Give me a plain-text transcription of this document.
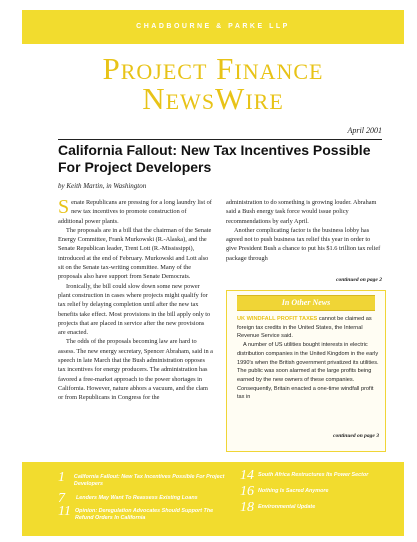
CHADBOURNE & PARKE LLP
Project Finance
NewsWire
April 2001
California Fallout: New Tax Incentives Possible For Project Developers
by Keith Martin, in Washington

Senate Republicans are pressing for a long laundry list of new tax incentives to promote construction of additional power plants.

The proposals are in a bill that the chairman of the Senate Energy Committee, Frank Murkowski (R.-Alaska), and the Senate Republican leader, Trent Lott (R.-Mississippi), introduced at the end of February. Murkowski and Lott also sit on the Senate tax-writing committee. Many of the proposals also have support from Senate Democrats.

Ironically, the bill could slow down some new power plant construction in cases where projects might qualify for tax relief by delaying completion until after the new tax benefits take effect. Most provisions in the bill apply only to projects that are placed in service after the new provisions are enacted.

The odds of the proposals becoming law are hard to assess. The new energy secretary, Spencer Abraham, said in a speech in late March that the Bush administration opposes tax incentives for energy producers. The administration has favored a free-market approach to the power shortages in California. However, nature abhors a vacuum, and the clam or from Republicans in Congress for the

administration to do something is growing louder. Abraham said a Bush energy task force would issue policy recommendations by early April.

Another complicating factor is the business lobby has agreed not to push business tax relief this year in order to give President Bush a chance to put his $1.6 trillion tax relief package through

continued on page 2
In Other News

UK WINDFALL PROFIT TAXES cannot be claimed as foreign tax credits in the United States, the Internal Revenue Service said.

A number of US utilities bought interests in electric distribution companies in the United Kingdom in the early 1990's when the British government privatized its utilities. The public was soon alarmed at the large profits being earned by the new owners of these companies. Consequently, Britain enacted a one-time windfall profit tax in

continued on page 3
1	California Fallout: New Tax Incentives Possible For Project Developers
7	Lenders May Want To Reassess Existing Loans
11 Opinion: Deregulation Advocates Should Support The Refund Orders In California
14 South Africa Restructures Its Power Sector
16 Nothing Is Sacred Anymore
18 Environmental Update
